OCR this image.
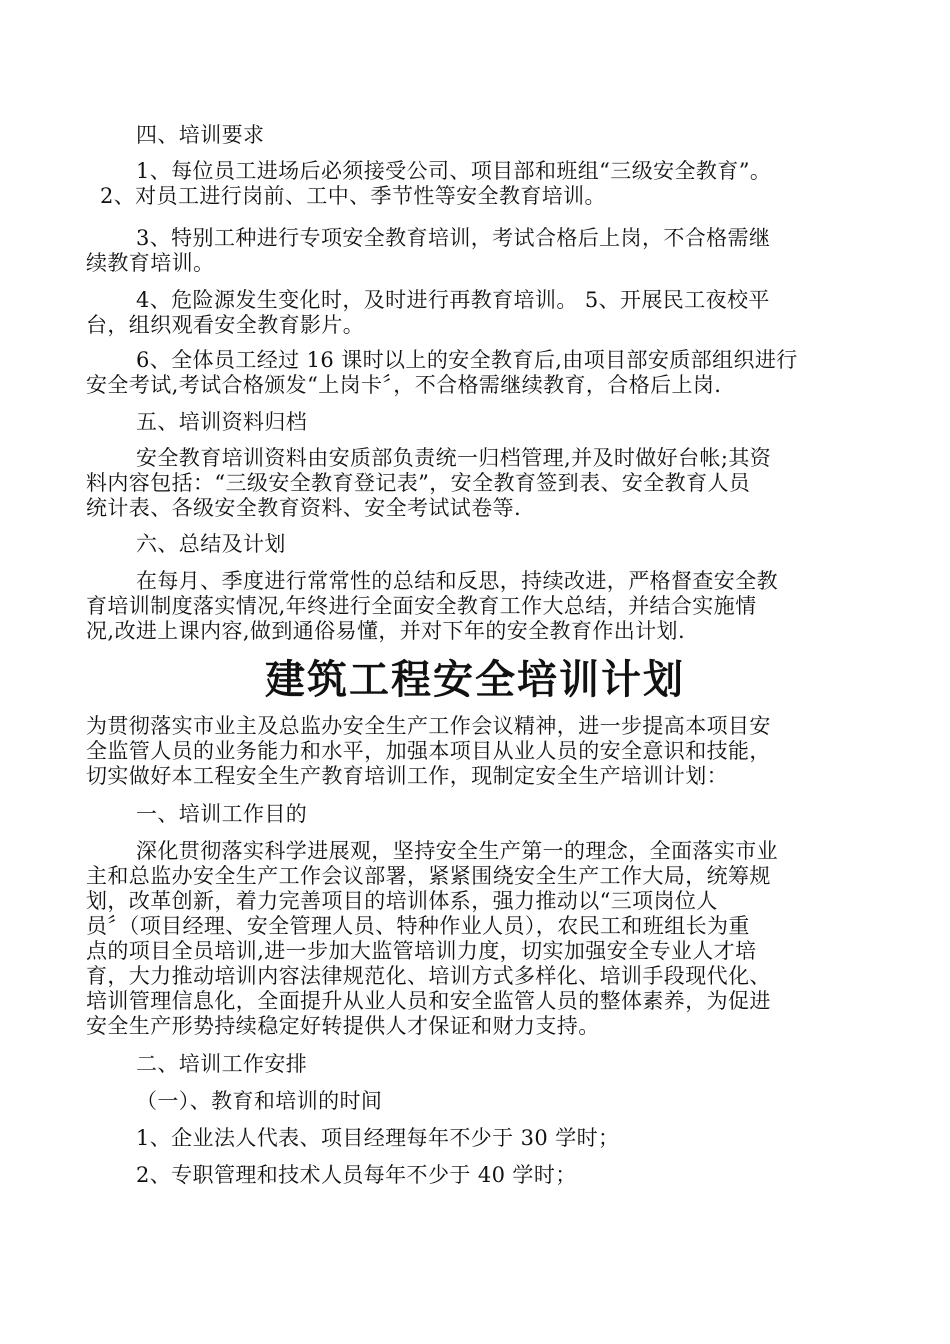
四、培训要求

1、每位员工进场后必须接受公司、项目部和班组“三级安全教育”。

2、对员工进行岗前、工中、季节性等安全教育培训。

3、特别工种进行专项安全教育培训，考试合格后上岗，不合格需继

续教育培训。

4、危险源发生变化时，及时进行再教育培训。 5、开展民工夜校平

台，组织观看安全教育影片。

6、全体员工经过 16 课时以上的安全教育后,由项目部安质部组织进行

安全考试,考试合格颁发“上岗卡〞，不合格需继续教育，合格后上岗.

五、培训资料归档

安全教育培训资料由安质部负责统一归档管理,并及时做好台帐;其资

料内容包括：“三级安全教育登记表”，安全教育签到表、安全教育人员

统计表、各级安全教育资料、安全考试试卷等.

六、总结及计划

在每月、季度进行常常性的总结和反思，持续改进，严格督查安全教

育培训制度落实情况,年终进行全面安全教育工作大总结，并结合实施情

况,改进上课内容,做到通俗易懂，并对下年的安全教育作出计划.

建筑工程安全培训计划

为贯彻落实市业主及总监办安全生产工作会议精神，进一步提高本项目安

全监管人员的业务能力和水平，加强本项目从业人员的安全意识和技能，

切实做好本工程安全生产教育培训工作，现制定安全生产培训计划：

一、培训工作目的

深化贯彻落实科学进展观，坚持安全生产第一的理念，全面落实市业

主和总监办安全生产工作会议部署，紧紧围绕安全生产工作大局，统筹规

划，改革创新，着力完善项目的培训体系，强力推动以“三项岗位人

员〞（项目经理、安全管理人员、特种作业人员），农民工和班组长为重

点的项目全员培训,进一步加大监管培训力度，切实加强安全专业人才培

育，大力推动培训内容法律规范化、培训方式多样化、培训手段现代化、

培训管理信息化，全面提升从业人员和安全监管人员的整体素养，为促进

安全生产形势持续稳定好转提供人才保证和财力支持。

二、培训工作安排

（一）、教育和培训的时间

1、企业法人代表、项目经理每年不少于 30 学时；

2、专职管理和技术人员每年不少于 40 学时；
